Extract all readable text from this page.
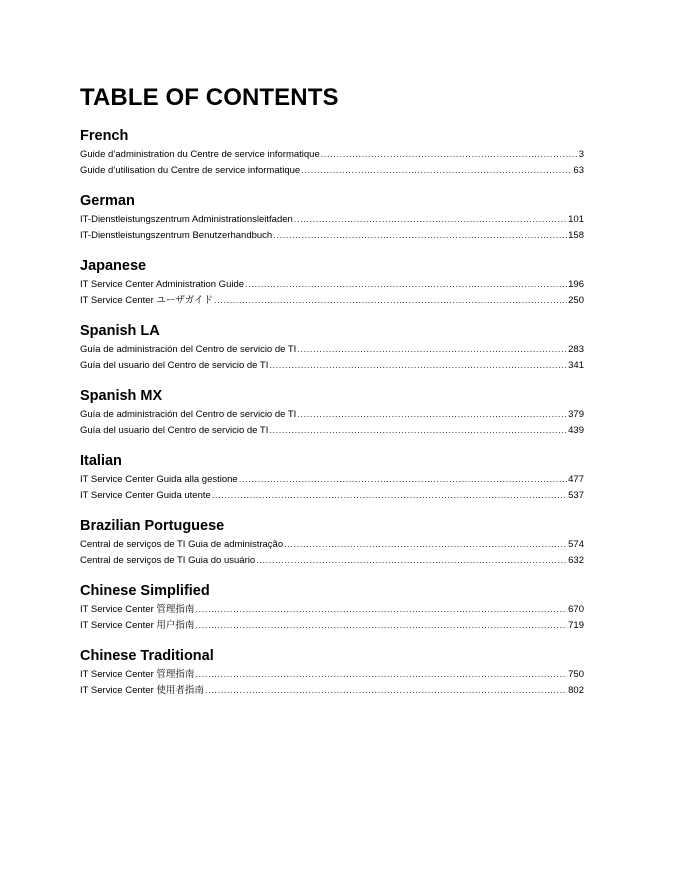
TABLE OF CONTENTS
French
Guide d’administration du Centre de service informatique .....	3
Guide d’utilisation du Centre de service informatique .....	63
German
IT-Dienstleistungszentrum Administrationsleitfaden .....	101
IT-Dienstleistungszentrum Benutzerhandbuch .....	158
Japanese
IT Service Center Administration Guide .....	196
IT Service Center ユーザガイド .....	250
Spanish LA
Guía de administración del Centro de servicio de TI .....	283
Guía del usuario del Centro de servicio de TI .....	341
Spanish MX
Guía de administración del Centro de servicio de TI .....	379
Guía del usuario del Centro de servicio de TI .....	439
Italian
IT Service Center Guida alla gestione .....	477
IT Service Center Guida utente .....	537
Brazilian Portuguese
Central de serviços de TI Guia de administração .....	574
Central de serviços de TI Guia do usuário .....	632
Chinese Simplified
IT Service Center 管理指南 .....	670
IT Service Center 用户指南 .....	719
Chinese Traditional
IT Service Center 管理指南 .....	750
IT Service Center 使用者指南 .....	802
